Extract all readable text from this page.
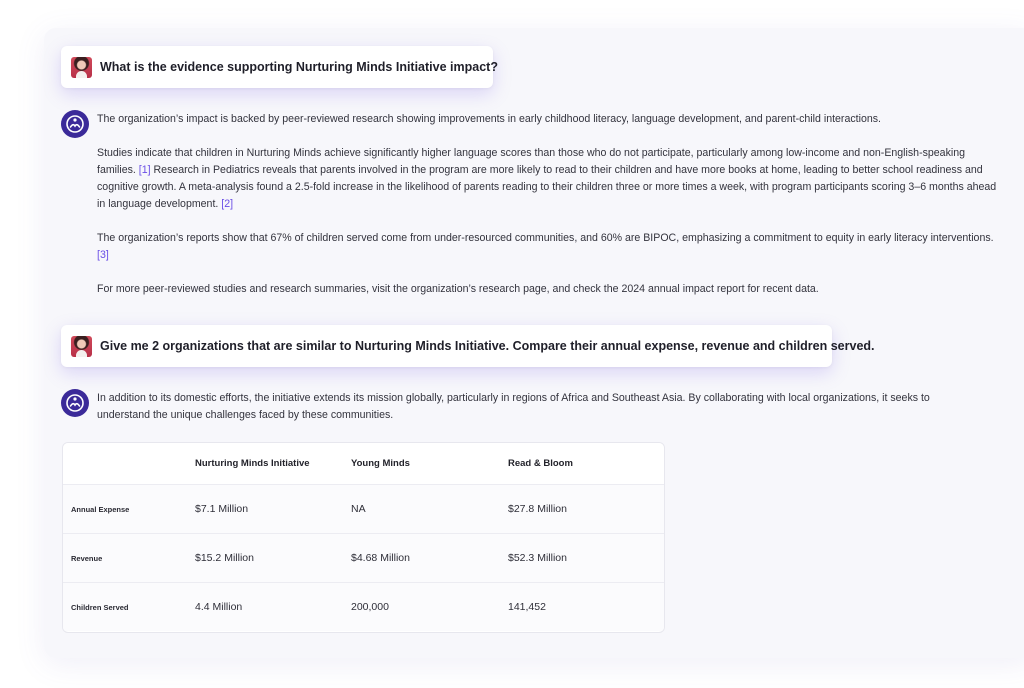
What is the evidence supporting Nurturing Minds Initiative impact?

The organization’s impact is backed by peer-reviewed research showing improvements in early childhood literacy, language development, and parent-child interactions.

Studies indicate that children in Nurturing Minds achieve significantly higher language scores than those who do not participate, particularly among low-income and non-English-speaking families. [1] Research in Pediatrics reveals that parents involved in the program are more likely to read to their children and have more books at home, leading to better school readiness and cognitive growth. A meta-analysis found a 2.5-fold increase in the likelihood of parents reading to their children three or more times a week, with program participants scoring 3–6 months ahead in language development. [2]

The organization’s reports show that 67% of children served come from under-resourced communities, and 60% are BIPOC, emphasizing a commitment to equity in early literacy interventions. [3]

For more peer-reviewed studies and research summaries, visit the organization’s research page, and check the 2024 annual impact report for recent data.

Give me 2 organizations that are similar to Nurturing Minds Initiative. Compare their annual expense, revenue and children served.

In addition to its domestic efforts, the initiative extends its mission globally, particularly in regions of Africa and Southeast Asia. By collaborating with local organizations, it seeks to understand the unique challenges faced by these communities.

	Nurturing Minds Initiative	Young Minds	Read & Bloom
Annual Expense	$7.1 Million	NA	$27.8 Million
Revenue	$15.2 Million	$4.68 Million	$52.3 Million
Children Served	4.4 Million	200,000	141,452
